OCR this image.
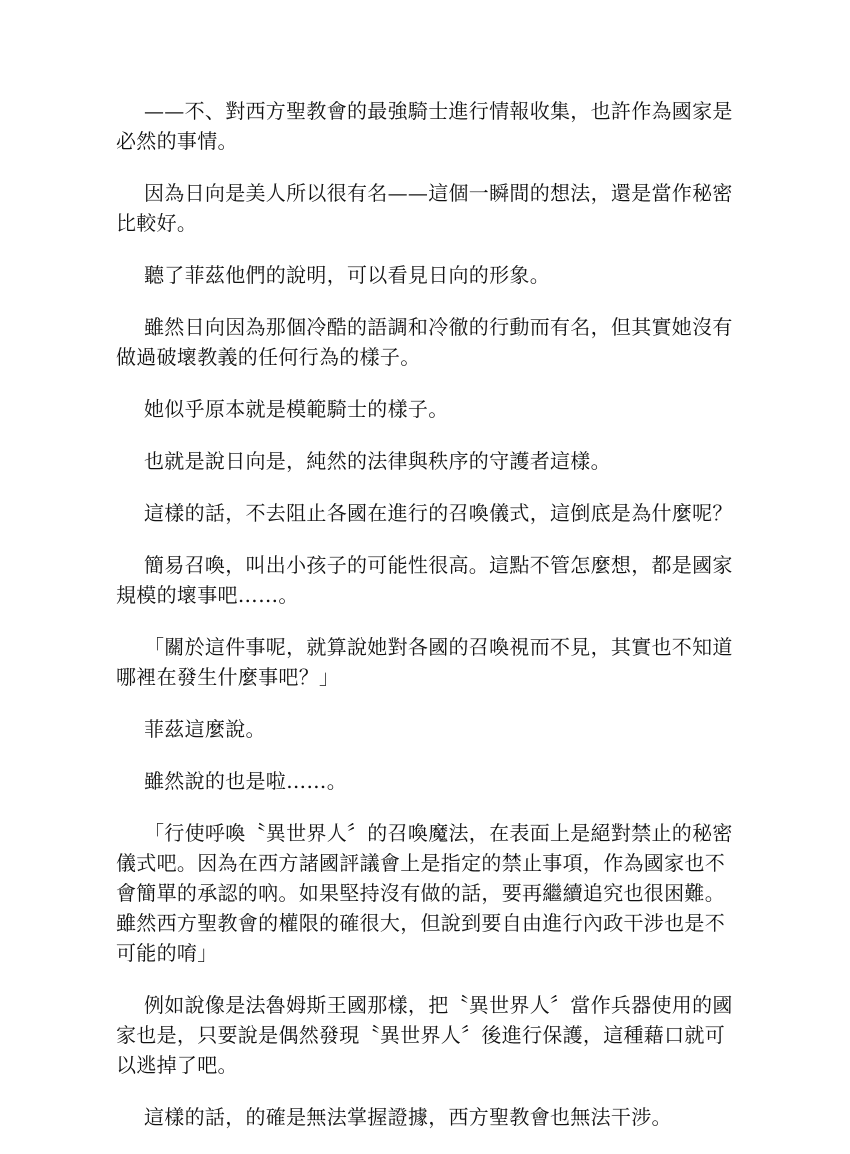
——不、對西方聖教會的最強騎士進行情報收集，也許作為國家是必然的事情。

因為日向是美人所以很有名——這個一瞬間的想法，還是當作秘密比較好。

聽了菲茲他們的說明，可以看見日向的形象。

雖然日向因為那個冷酷的語調和冷徹的行動而有名，但其實她沒有做過破壞教義的任何行為的樣子。

她似乎原本就是模範騎士的樣子。

也就是說日向是，純然的法律與秩序的守護者這樣。

這樣的話，不去阻止各國在進行的召喚儀式，這倒底是為什麼呢？

簡易召喚，叫出小孩子的可能性很高。這點不管怎麼想，都是國家規模的壞事吧……。

「關於這件事呢，就算說她對各國的召喚視而不見，其實也不知道哪裡在發生什麼事吧？」

菲茲這麼說。

雖然說的也是啦……。

「行使呼喚〝異世界人〞的召喚魔法，在表面上是絕對禁止的秘密儀式吧。因為在西方諸國評議會上是指定的禁止事項，作為國家也不會簡單的承認的吶。如果堅持沒有做的話，要再繼續追究也很困難。雖然西方聖教會的權限的確很大，但說到要自由進行內政干涉也是不可能的唷」

例如說像是法魯姆斯王國那樣，把〝異世界人〞當作兵器使用的國家也是，只要說是偶然發現〝異世界人〞後進行保護，這種藉口就可以逃掉了吧。

這樣的話，的確是無法掌握證據，西方聖教會也無法干涉。
